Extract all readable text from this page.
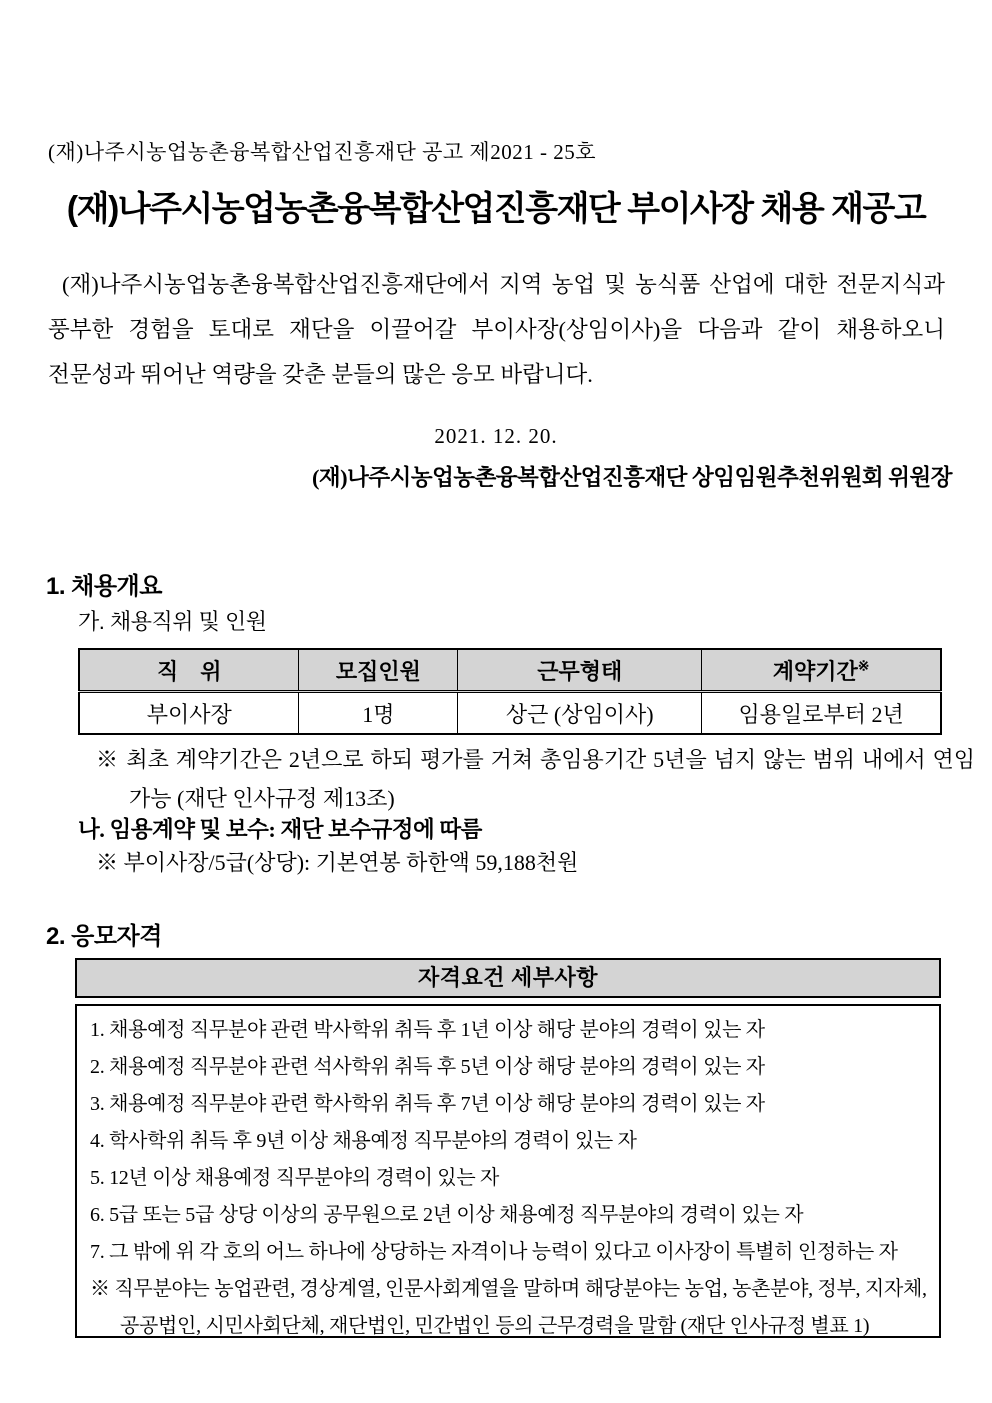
(재)나주시농업농촌융복합산업진흥재단 공고 제2021 - 25호
(재)나주시농업농촌융복합산업진흥재단 부이사장 채용 재공고
(재)나주시농업농촌융복합산업진흥재단에서 지역 농업 및 농식품 산업에 대한 전문지식과 풍부한 경험을 토대로 재단을 이끌어갈 부이사장(상임이사)을 다음과 같이 채용하오니 전문성과 뛰어난 역량을 갖춘 분들의 많은 응모 바랍니다.
2021. 12. 20.
(재)나주시농업농촌융복합산업진흥재단 상임임원추천위원회 위원장
1. 채용개요
가. 채용직위 및 인원
직　위	모집인원	근무형태	계약기간※
부이사장	1명	상근 (상임이사)	임용일로부터 2년
※ 최초 계약기간은 2년으로 하되 평가를 거쳐 총임용기간 5년을 넘지 않는 범위 내에서 연임 가능 (재단 인사규정 제13조)
나. 임용계약 및 보수: 재단 보수규정에 따름
※ 부이사장/5급(상당): 기본연봉 하한액 59,188천원
2. 응모자격
자격요건 세부사항
1. 채용예정 직무분야 관련 박사학위 취득 후 1년 이상 해당 분야의 경력이 있는 자
2. 채용예정 직무분야 관련 석사학위 취득 후 5년 이상 해당 분야의 경력이 있는 자
3. 채용예정 직무분야 관련 학사학위 취득 후 7년 이상 해당 분야의 경력이 있는 자
4. 학사학위 취득 후 9년 이상 채용예정 직무분야의 경력이 있는 자
5. 12년 이상 채용예정 직무분야의 경력이 있는 자
6. 5급 또는 5급 상당 이상의 공무원으로 2년 이상 채용예정 직무분야의 경력이 있는 자
7. 그 밖에 위 각 호의 어느 하나에 상당하는 자격이나 능력이 있다고 이사장이 특별히 인정하는 자
※ 직무분야는 농업관련, 경상계열, 인문사회계열을 말하며 해당분야는 농업, 농촌분야, 정부, 지자체, 공공법인, 시민사회단체, 재단법인, 민간법인 등의 근무경력을 말함 (재단 인사규정 별표 1)
